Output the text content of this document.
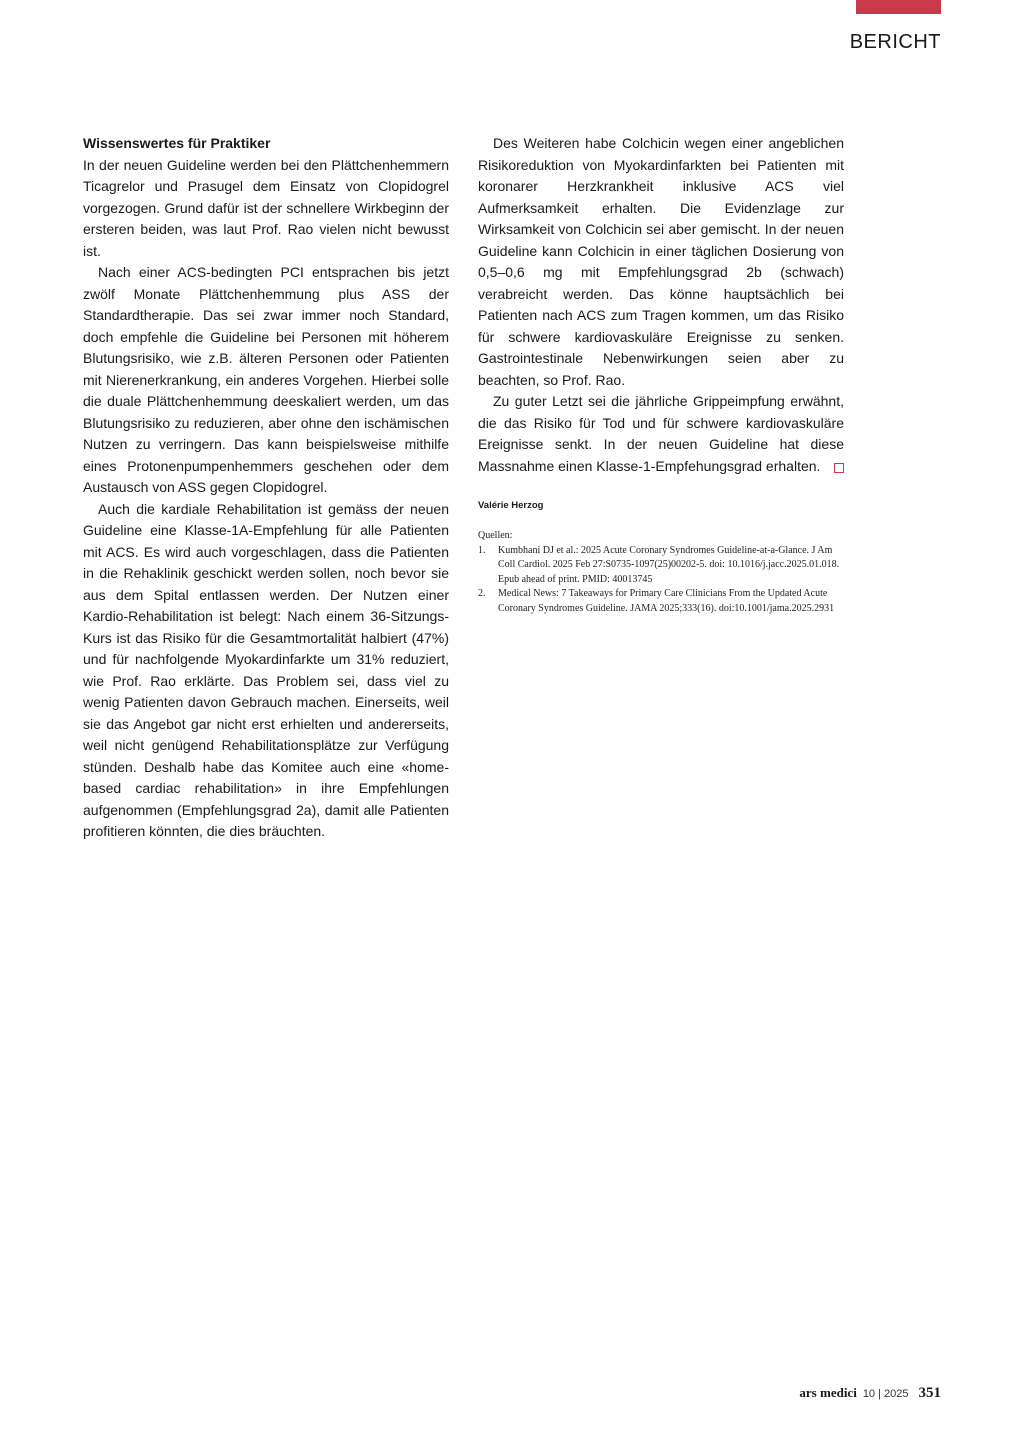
BERICHT

Wissenswertes für Praktiker

In der neuen Guideline werden bei den Plättchenhemmern Ticagrelor und Prasugel dem Einsatz von Clopidogrel vorgezogen. Grund dafür ist der schnellere Wirkbeginn der ersteren beiden, was laut Prof. Rao vielen nicht bewusst ist.

Nach einer ACS-bedingten PCI entsprachen bis jetzt zwölf Monate Plättchenhemmung plus ASS der Standardtherapie. Das sei zwar immer noch Standard, doch empfehle die Guideline bei Personen mit höherem Blutungsrisiko, wie z.B. älteren Personen oder Patienten mit Nierenerkrankung, ein anderes Vorgehen. Hierbei solle die duale Plättchenhemmung deeskaliert werden, um das Blutungsrisiko zu reduzieren, aber ohne den ischämischen Nutzen zu verringern. Das kann beispielsweise mithilfe eines Protonenpumpenhemmers geschehen oder dem Austausch von ASS gegen Clopidogrel.

Auch die kardiale Rehabilitation ist gemäss der neuen Guideline eine Klasse-1A-Empfehlung für alle Patienten mit ACS. Es wird auch vorgeschlagen, dass die Patienten in die Rehaklinik geschickt werden sollen, noch bevor sie aus dem Spital entlassen werden. Der Nutzen einer Kardio-Rehabilitation ist belegt: Nach einem 36-Sitzungs-Kurs ist das Risiko für die Gesamtmortalität halbiert (47%) und für nachfolgende Myokardinfarkte um 31% reduziert, wie Prof. Rao erklärte. Das Problem sei, dass viel zu wenig Patienten davon Gebrauch machen. Einerseits, weil sie das Angebot gar nicht erst erhielten und andererseits, weil nicht genügend Rehabilitationsplätze zur Verfügung stünden. Deshalb habe das Komitee auch eine «home-based cardiac rehabilitation» in ihre Empfehlungen aufgenommen (Empfehlungsgrad 2a), damit alle Patienten profitieren könnten, die dies bräuchten.

Des Weiteren habe Colchicin wegen einer angeblichen Risikoreduktion von Myokardinfarkten bei Patienten mit koronarer Herzkrankheit inklusive ACS viel Aufmerksamkeit erhalten. Die Evidenzlage zur Wirksamkeit von Colchicin sei aber gemischt. In der neuen Guideline kann Colchicin in einer täglichen Dosierung von 0,5–0,6 mg mit Empfehlungsgrad 2b (schwach) verabreicht werden. Das könne hauptsächlich bei Patienten nach ACS zum Tragen kommen, um das Risiko für schwere kardiovaskuläre Ereignisse zu senken. Gastrointestinale Nebenwirkungen seien aber zu beachten, so Prof. Rao.

Zu guter Letzt sei die jährliche Grippeimpfung erwähnt, die das Risiko für Tod und für schwere kardiovaskuläre Ereignisse senkt. In der neuen Guideline hat diese Massnahme einen Klasse-1-Empfehungsgrad erhalten.

Valérie Herzog

Quellen:

1.	Kumbhani DJ et al.: 2025 Acute Coronary Syndromes Guideline-at-a-Glance. J Am Coll Cardiol. 2025 Feb 27:S0735-1097(25)00202-5. doi: 10.1016/j.jacc.2025.01.018. Epub ahead of print. PMID: 40013745
2.	Medical News: 7 Takeaways for Primary Care Clinicians From the Updated Acute Coronary Syndromes Guideline. JAMA 2025;333(16). doi:10.1001/jama.2025.2931
ars medici 10 | 2025 351
